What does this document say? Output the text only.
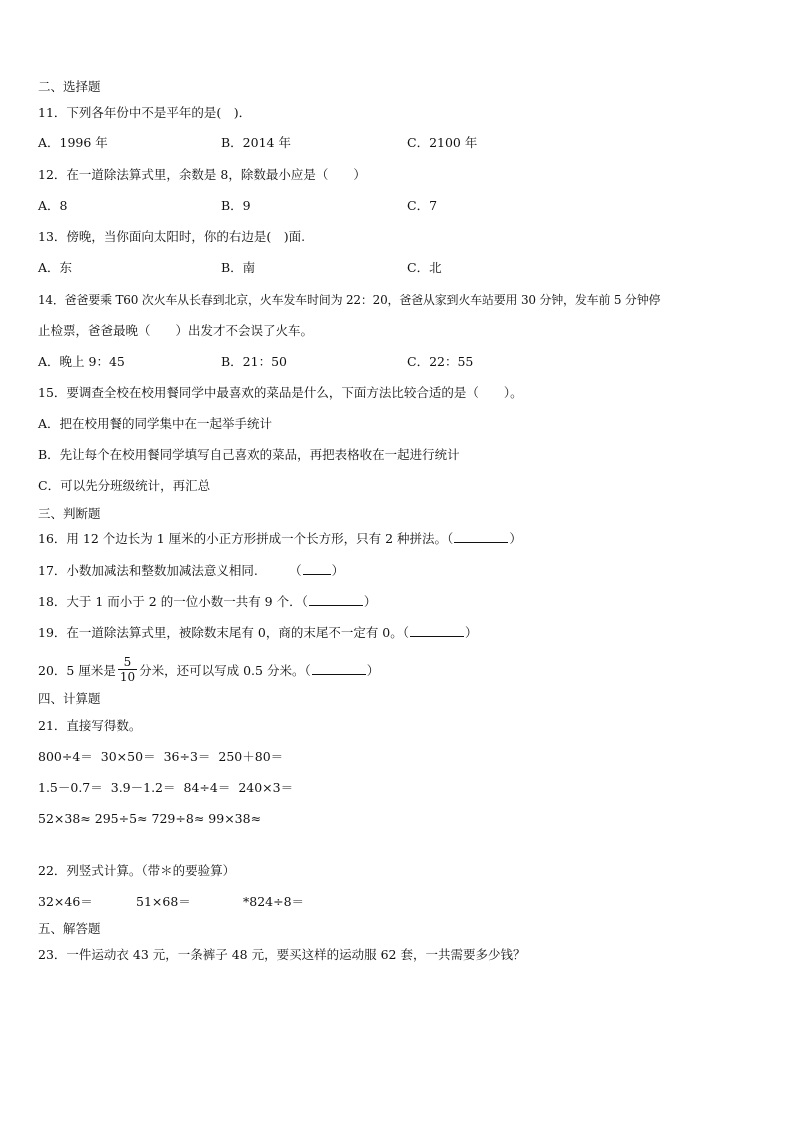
二、选择题
11．下列各年份中不是平年的是(　)．
A．1996 年	B．2014 年	C．2100 年
12．在一道除法算式里，余数是 8，除数最小应是（　　）
A．8	B．9	C．7
13．傍晚，当你面向太阳时，你的右边是(　)面.
A．东	B．南	C．北
14．爸爸要乘 T60 次火车从长春到北京，火车发车时间为 22：20，爸爸从家到火车站要用 30 分钟，发车前 5 分钟停
止检票，爸爸最晚（　　）出发才不会误了火车。
A．晚上 9：45	B．21：50	C．22：55
15．要调查全校在校用餐同学中最喜欢的菜品是什么，下面方法比较合适的是（　　）。
A．把在校用餐的同学集中在一起举手统计
B．先让每个在校用餐同学填写自己喜欢的菜品，再把表格收在一起进行统计
C．可以先分班级统计，再汇总
三、判断题
16．用 12 个边长为 1 厘米的小正方形拼成一个长方形，只有 2 种拼法。（	）
17．小数加减法和整数加减法意义相同.　　　（ ）
18．大于 1 而小于 2 的一位小数一共有 9 个．（	）
19．在一道除法算式里，被除数末尾有 0，商的末尾不一定有 0。（	）
20．5 厘米是 $\frac{5}{10}$ 分米，还可以写成 0.5 分米。（	）
四、计算题
21．直接写得数。
800÷4＝ 30×50＝ 36÷3＝ 250＋80＝
1.5－0.7＝ 3.9－1.2＝ 84÷4＝ 240×3＝
52×38≈ 295÷5≈ 729÷8≈ 99×38≈
22．列竖式计算。（带＊的要验算）
32×46＝	51×68＝	*824÷8＝
五、解答题
23．一件运动衣 43 元，一条裤子 48 元，要买这样的运动服 62 套，一共需要多少钱？
